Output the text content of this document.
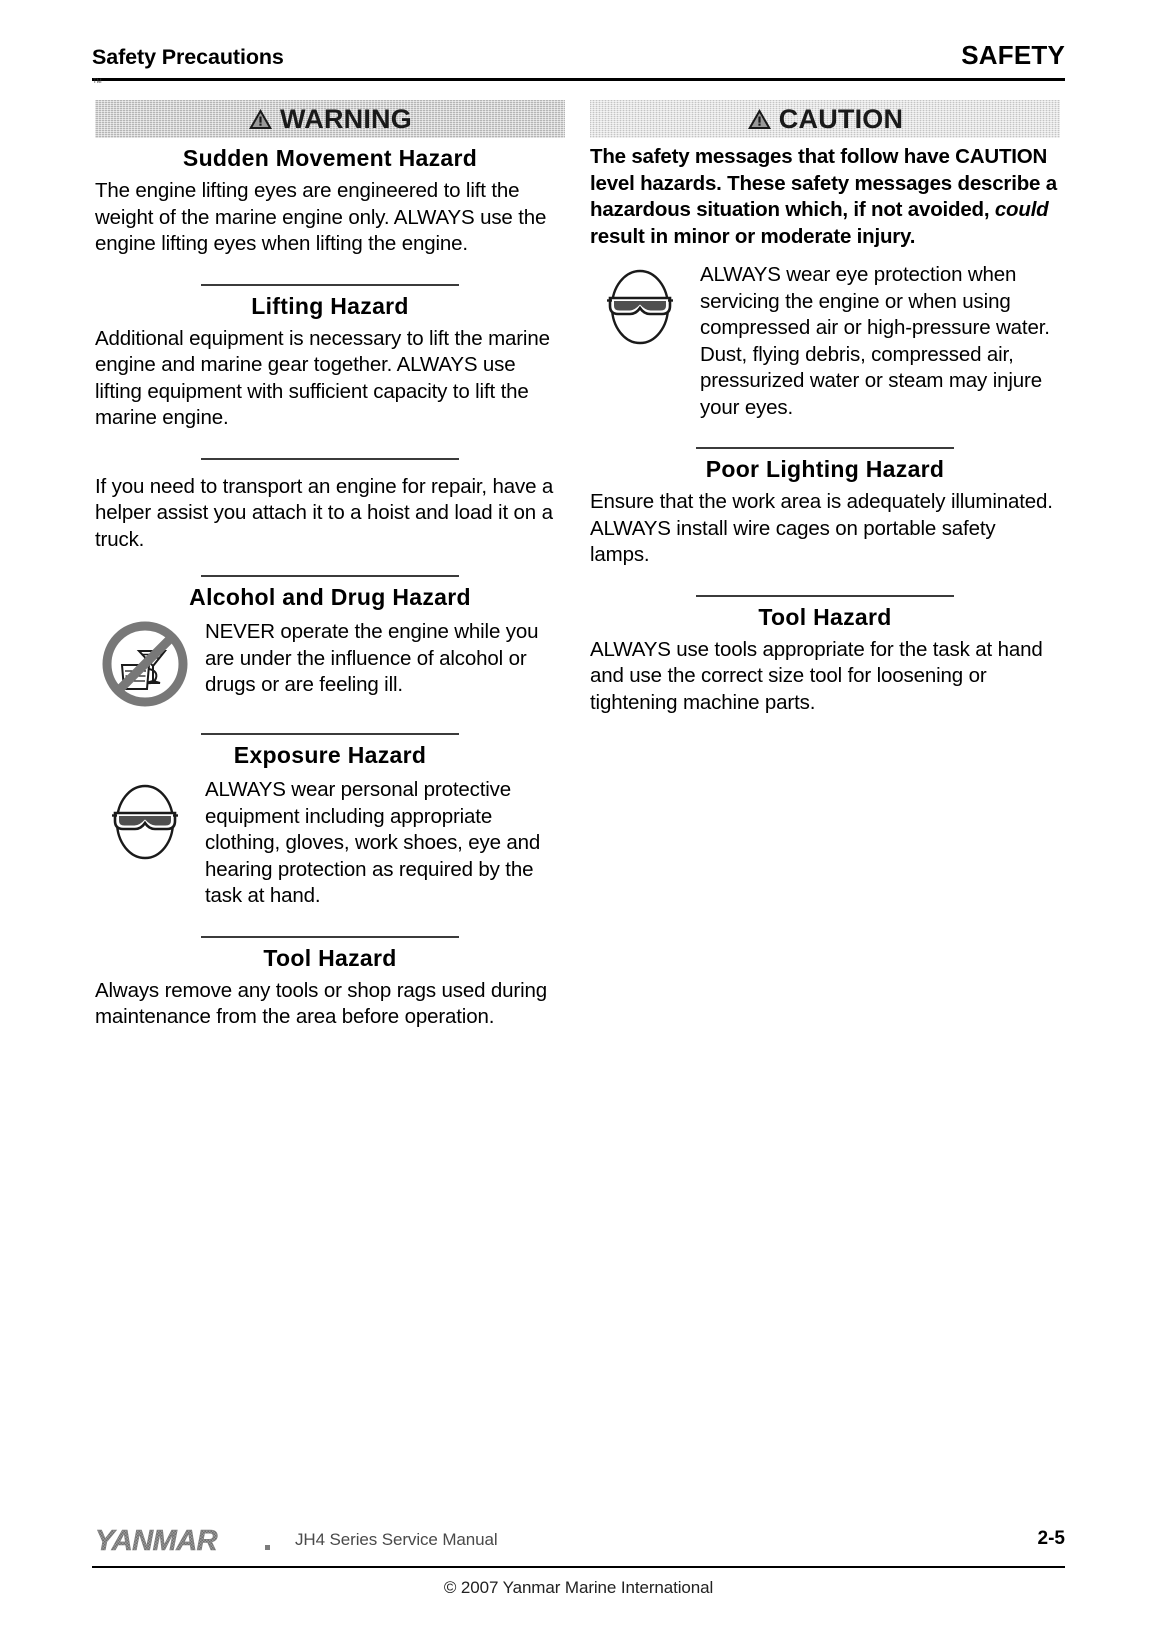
Safety Precautions	SAFETY
TM
WARNING
Sudden Movement Hazard

The engine lifting eyes are engineered to lift the weight of the marine engine only. ALWAYS use the engine lifting eyes when lifting the engine.

Lifting Hazard

Additional equipment is necessary to lift the marine engine and marine gear together. ALWAYS use lifting equipment with sufficient capacity to lift the marine engine.

If you need to transport an engine for repair, have a helper assist you attach it to a hoist and load it on a truck.

Alcohol and Drug Hazard

NEVER operate the engine while you are under the influence of alcohol or drugs or are feeling ill.

Exposure Hazard

ALWAYS wear personal protective equipment including appropriate clothing, gloves, work shoes, eye and hearing protection as required by the task at hand.

Tool Hazard

Always remove any tools or shop rags used during maintenance from the area before operation.

CAUTION

The safety messages that follow have CAUTION level hazards. These safety messages describe a hazardous situation which, if not avoided, could result in minor or moderate injury.

ALWAYS wear eye protection when servicing the engine or when using compressed air or high-pressure water. Dust, flying debris, compressed air, pressurized water or steam may injure your eyes.

Poor Lighting Hazard

Ensure that the work area is adequately illuminated. ALWAYS install wire cages on portable safety lamps.

Tool Hazard

ALWAYS use tools appropriate for the task at hand and use the correct size tool for loosening or tightening machine parts.

YANMAR	JH4 Series Service Manual	2-5
© 2007 Yanmar Marine International
